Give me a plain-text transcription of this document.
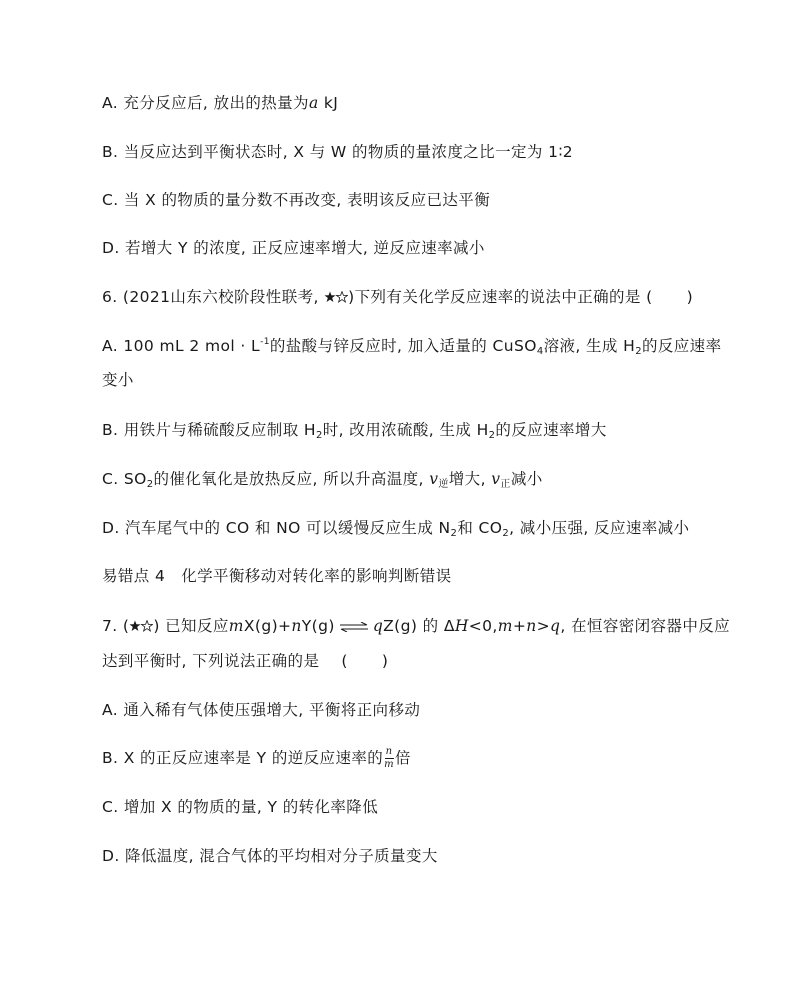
A. 充分反应后, 放出的热量为a kJ
B. 当反应达到平衡状态时, X 与 W 的物质的量浓度之比一定为 1∶2
C. 当 X 的物质的量分数不再改变, 表明该反应已达平衡
D. 若增大 Y 的浓度, 正反应速率增大, 逆反应速率减小
6. (2021山东六校阶段性联考, )下列有关化学反应速率的说法中正确的是 ( )
A. 100 mL 2 mol · $L^{-1}$的盐酸与锌反应时, 加入适量的 CuSO$_4$溶液, 生成 $H_2$的反应速率
变小
B. 用铁片与稀硫酸反应制取 $H_2$时, 改用浓硫酸, 生成 $H_2$的反应速率增大
C. $SO_2$的催化氧化是放热反应, 所以升高温度, $v_逆$增大, $v_正$减小
D. 汽车尾气中的 CO 和 NO 可以缓慢反应生成 $N_2$和 $CO_2$, 减小压强, 反应速率减小
易错点 4　化学平衡移动对转化率的影响判断错误
7. ( ) 已知反应mX(g)+nY(g) ⇌ qZ(g) 的 ΔH<0,m+n>q, 在恒容密闭容器中反应
达到平衡时, 下列说法正确的是 ( )
A. 通入稀有气体使压强增大, 平衡将正向移动
B. X 的正反应速率是 Y 的逆反应速率的 $\frac{n}{m}$ 倍
C. 增加 X 的物质的量, Y 的转化率降低
D. 降低温度, 混合气体的平均相对分子质量变大
